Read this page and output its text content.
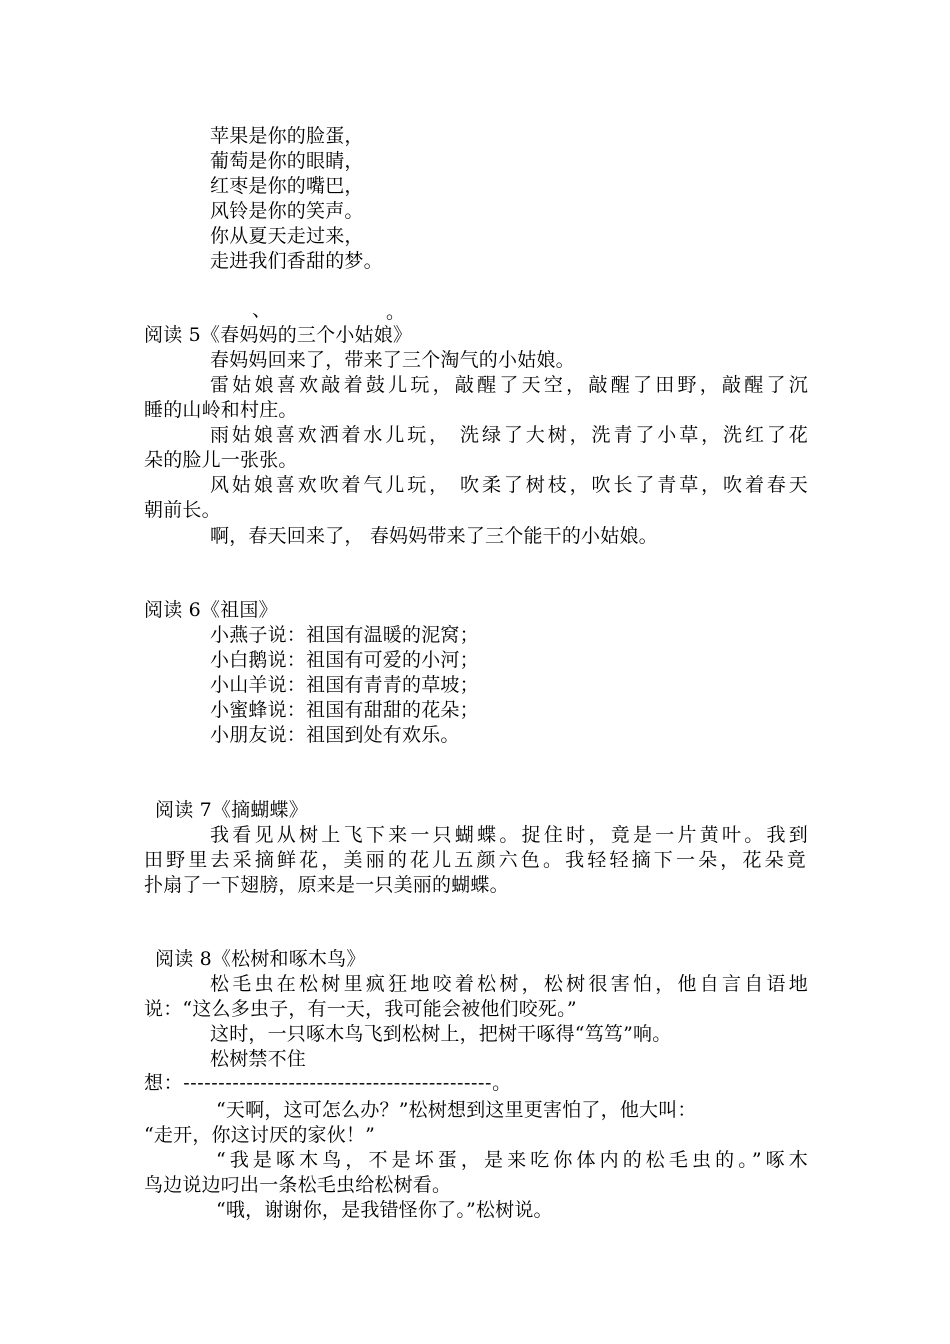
苹果是你的脸蛋，
葡萄是你的眼睛，
红枣是你的嘴巴，
风铃是你的笑声。
你从夏天走过来，
走进我们香甜的梦。
、	。
阅读 5《春妈妈的三个小姑娘》
春妈妈回来了，带来了三个淘气的小姑娘。
雷姑娘喜欢敲着鼓儿玩，敲醒了天空，敲醒了田野，敲醒了沉
睡的山岭和村庄。
雨姑娘喜欢洒着水儿玩， 洗绿了大树，洗青了小草，洗红了花
朵的脸儿一张张。
风姑娘喜欢吹着气儿玩， 吹柔了树枝，吹长了青草，吹着春天
朝前长。
啊，春天回来了， 春妈妈带来了三个能干的小姑娘。
阅读 6《祖国》
小燕子说：祖国有温暖的泥窝；
小白鹅说：祖国有可爱的小河；
小山羊说：祖国有青青的草坡；
小蜜蜂说：祖国有甜甜的花朵；
小朋友说：祖国到处有欢乐。
阅读 7《摘蝴蝶》
我看见从树上飞下来一只蝴蝶。捉住时，竟是一片黄叶。我到
田野里去采摘鲜花，美丽的花儿五颜六色。我轻轻摘下一朵，花朵竟
扑扇了一下翅膀，原来是一只美丽的蝴蝶。
阅读 8《松树和啄木鸟》
松毛虫在松树里疯狂地咬着松树，松树很害怕，他自言自语地
说：“这么多虫子，有一天，我可能会被他们咬死。”
这时，一只啄木鸟飞到松树上，把树干啄得“笃笃”响。
松树禁不住
想：--------------------------------------------。
“天啊，这可怎么办？”松树想到这里更害怕了，他大叫：
“走开，你这讨厌的家伙！”
“我是啄木鸟，不是坏蛋，是来吃你体内的松毛虫的。”啄木
鸟边说边叼出一条松毛虫给松树看。
“哦，谢谢你，是我错怪你了。”松树说。
